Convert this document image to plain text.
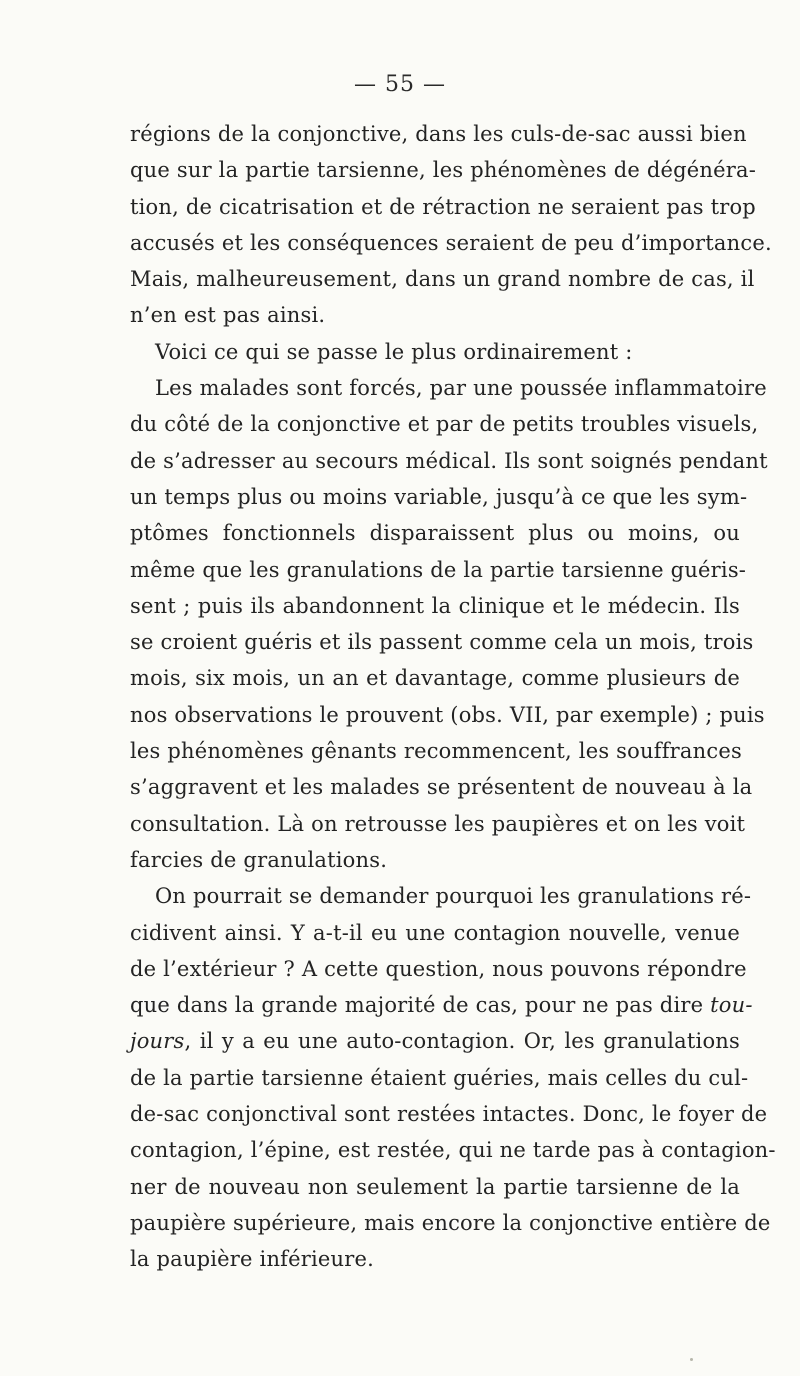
— 55 —
régions de la conjonctive, dans les culs-de-sac aussi bien
que sur la partie tarsienne, les phénomènes de dégénéra-
tion, de cicatrisation et de rétraction ne seraient pas trop
accusés et les conséquences seraient de peu d’importance.
Mais, malheureusement, dans un grand nombre de cas, il
n’en est pas ainsi.
Voici ce qui se passe le plus ordinairement :
Les malades sont forcés, par une poussée inflammatoire
du côté de la conjonctive et par de petits troubles visuels,
de s’adresser au secours médical. Ils sont soignés pendant
un temps plus ou moins variable, jusqu’à ce que les sym-
ptômes fonctionnels disparaissent plus ou moins, ou
même que les granulations de la partie tarsienne guéris-
sent ; puis ils abandonnent la clinique et le médecin. Ils
se croient guéris et ils passent comme cela un mois, trois
mois, six mois, un an et davantage, comme plusieurs de
nos observations le prouvent (obs. VII, par exemple) ; puis
les phénomènes gênants recommencent, les souffrances
s’aggravent et les malades se présentent de nouveau à la
consultation. Là on retrousse les paupières et on les voit
farcies de granulations.
On pourrait se demander pourquoi les granulations ré-
cidivent ainsi. Y a-t-il eu une contagion nouvelle, venue
de l’extérieur ? A cette question, nous pouvons répondre
que dans la grande majorité de cas, pour ne pas dire tou-
jours, il y a eu une auto-contagion. Or, les granulations
de la partie tarsienne étaient guéries, mais celles du cul-
de-sac conjonctival sont restées intactes. Donc, le foyer de
contagion, l’épine, est restée, qui ne tarde pas à contagion-
ner de nouveau non seulement la partie tarsienne de la
paupière supérieure, mais encore la conjonctive entière de
la paupière inférieure.
